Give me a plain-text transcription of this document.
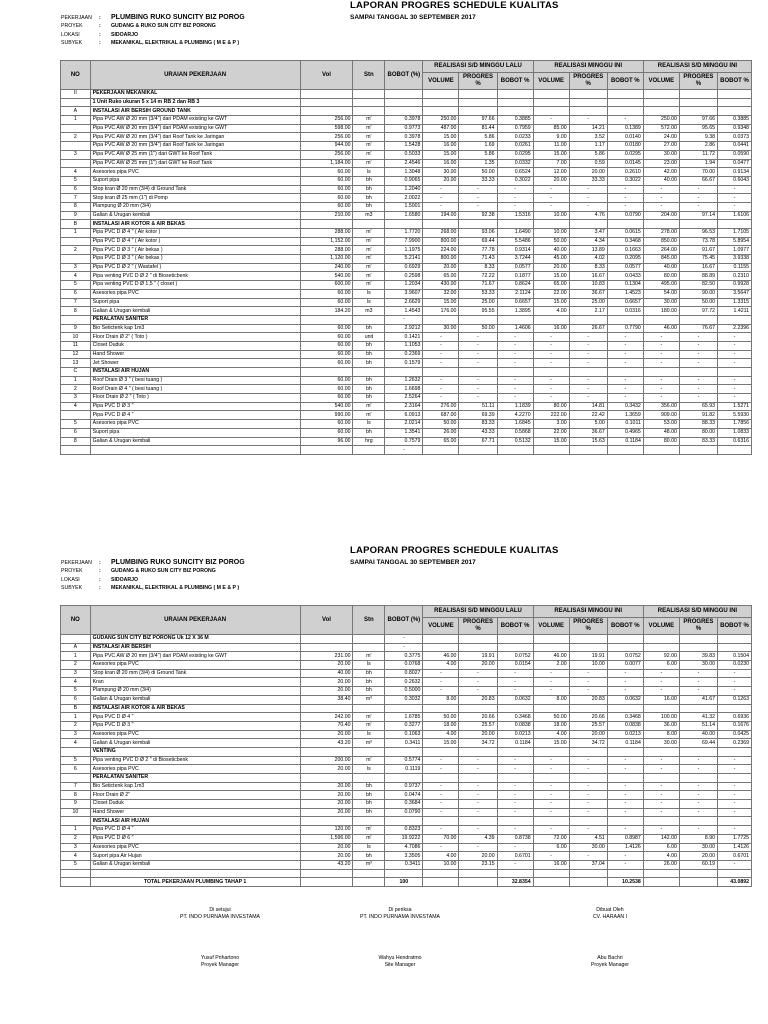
LAPORAN PROGRES SCHEDULE KUALITAS
SAMPAI TANGGAL 30 SEPTEMBER 2017
PEKERJAAN	:	PLUMBING RUKO SUNCITY BIZ POROG
PROYEK	:	GUDANG & RUKO SUN CITY BIZ PORONG
LOKASI	:	SIDOARJO
SUBYEK	:	MEKANIKAL, ELEKTRIKAL & PLUMBING ( M E & P )
NO	URAIAN PEKERJAAN	Vol	Stn	BOBOT (%)	REALISASI S/D MINGGU LALU			REALISASI MINGGU INI			REALISASI S/D MINGGU INI		
					VOLUME	PROGRES %	BOBOT %	VOLUME	PROGRES %	BOBOT %	VOLUME	PROGRES %	BOBOT %
II	PEKERJAAN MEKANIKAL												
	1 Unit Ruko ukuran 5 x 14 m RB 2 dan RB 3												
A	INSTALASI AIR BERSIH GROUND TANK												
1	Pipa PVC AW Ø 20 mm (3/4") dari PDAM existing ke GWT	256.00	m'	0.3978	250.00	97.66	0.3885	-	-	-	250.00	97.66	0.3885
	Pipa PVC AW Ø 20 mm (3/4") dari PDAM existing ke GWT	598.00	m'	0.9773	487.00	81.44	0.7959	85.00	14.21	0.1389	572.00	95.65	0.9348
2	Pipa PVC AW Ø 20 mm (3/4") dari Roof Tank ke Jaringan	256.00	m'	0.3978	15.00	5.86	0.0233	9.00	3.52	0.0140	24.00	9.38	0.0373
	Pipa PVC AW Ø 20 mm (3/4") dari Roof Tank ke Jaringan	944.00	m'	1.5428	16.00	1.69	0.0261	11.00	1.17	0.0180	27.00	2.86	0.0441
3	Pipa PVC AW Ø 25 mm (1") dari GWT ke Roof Tank	256.00	m'	0.5033	15.00	5.86	0.0295	15.00	5.86	0.0295	30.00	11.72	0.0590
	Pipa PVC AW Ø 25 mm (1") dari GWT ke Roof Tank	1,184.00	m'	2.4546	16.00	1.35	0.0332	7.00	0.59	0.0145	23.00	1.94	0.0477
4	Asesories pipa PVC	60.00	ls	1.3048	30.00	50.00	0.6524	12.00	20.00	0.2610	42.00	70.00	0.9134
5	Suport pipa	60.00	bh	0.9065	20.00	33.33	0.3022	20.00	33.33	0.3022	40.00	66.67	0.6043
6	Stop kran Ø 20 mm (3/4) di Ground Tank	60.00	bh	1.2040	-	-	-	-	-	-	-	-	-
7	Stop kran Ø 25 mm (1") di Pomp	60.00	bh	2.0022	-	-	-	-	-	-	-	-	-
8	Plampung Ø 20 mm (3/4)	60.00	bh	1.5001	-	-	-	-	-	-	-	-	-
9	Galian & Urugan kembali	210.00	m3	1.6580	194.00	92.38	1.5316	10.00	4.76	0.0790	204.00	97.14	1.6106
B	INSTALASI AIR KOTOR & AIR BEKAS												
1	Pipa PVC D Ø 4 " ( Air kotor )	288.00	m'	1.7720	268.00	93.06	1.6490	10.00	3.47	0.0615	278.00	96.53	1.7105
	Pipa PVC D Ø 4 " ( Air kotor )	1,152.00	m'	7.9900	800.00	69.44	5.5486	50.00	4.34	0.3468	850.00	73.78	5.8954
2	Pipa PVC D Ø 3 " ( Air bekas )	288.00	m'	1.1975	224.00	77.78	0.9314	40.00	13.89	0.1663	264.00	91.67	1.0977
	Pipa PVC D Ø 3 " ( Air bekas )	1,120.00	m'	5.2141	800.00	71.43	3.7244	45.00	4.02	0.2095	845.00	75.45	3.9338
3	Pipa PVC D Ø 2 " ( Wastafel )	240.00	m'	0.6929	20.00	8.33	0.0577	20.00	8.33	0.0577	40.00	16.67	0.1155
4	Pipa venting PVC D Ø 2 " di Bioseticbenk	540.00	m'	0.2598	65.00	72.22	0.1877	15.00	16.67	0.0433	80.00	88.89	0.2310
5	Pipa venting PVC D Ø 1,5 " ( closet )	600.00	m'	1.2034	430.00	71.67	0.8624	65.00	10.83	0.1304	495.00	82.50	0.9928
6	Asesories pipa PVC	60.00	ls	3.9607	32.00	53.33	2.1124	22.00	36.67	1.4523	54.00	90.00	3.5647
7	Suport pipa	60.00	ls	2.6629	15.00	25.00	0.6657	15.00	25.00	0.6657	30.00	50.00	1.3315
8	Galian & Urugan kembali	184.20	m3	1.4543	176.00	95.55	1.3895	4.00	2.17	0.0316	180.00	97.72	1.4211
	PERALATAN SANITER			-									
9	Bio Setictenk kap 1m3	60.00	bh	2.9212	30.00	50.00	1.4606	16.00	26.67	0.7790	46.00	76.67	2.2396
10	Floor Drain Ø 2" ( Toto )	60.00	unit	0.1421	-	-	-	-	-	-	-	-	-
11	Closet Duduk	60.00	bh	1.1053	-	-	-	-	-	-	-	-	-
12	Hand Shower	60.00	bh	0.2369	-	-	-	-	-	-	-	-	-
13	Jet Shower	60.00	bh	0.1579	-	-	-	-	-	-	-	-	-
C	INSTALASI AIR HUJAN												
1	Roof Drain Ø 3 " ( besi tuang )	60.00	bh	1.2632	-	-	-	-	-	-	-	-	-
2	Roof Drain Ø 4 " ( besi tuang )	60.00	bh	1.6698	-	-	-	-	-	-	-	-	-
3	Floor Drain Ø 2 " ( Toto )	60.00	bh	2.5264	-	-	-	-	-	-	-	-	-
4	Pipa PVC D Ø 3 "	540.00	m'	2.3164	276.00	51.11	1.1839	80.00	14.81	0.3432	356.00	65.93	1.5271
	Pipa PVC D Ø 4 "	990.00	m'	6.0913	687.00	69.39	4.2270	222.00	22.42	1.3659	909.00	91.82	5.5930
5	Asesories pipa PVC	60.00	ls	2.0214	50.00	83.33	1.6845	3.00	5.00	0.1011	53.00	88.33	1.7856
6	Suport pipa	60.00	bh	1.3541	26.00	43.33	0.5868	22.00	36.67	0.4965	48.00	80.00	1.0833
8	Galian & Urugan kembali	96.00	hrg	0.7579	65.00	67.71	0.5132	15.00	15.63	0.1184	80.00	83.33	0.6316
				-									
LAPORAN PROGRES SCHEDULE KUALITAS
SAMPAI TANGGAL 30 SEPTEMBER 2017
PEKERJAAN	:	PLUMBING RUKO SUNCITY BIZ POROG
PROYEK	:	GUDANG & RUKO SUN CITY BIZ PORONG
LOKASI	:	SIDOARJO
SUBYEK	:	MEKANIKAL, ELEKTRIKAL & PLUMBING ( M E & P )
NO	URAIAN PEKERJAAN	Vol	Stn	BOBOT (%)	REALISASI S/D MINGGU LALU			REALISASI MINGGU INI			REALISASI S/D MINGGU INI		
					VOLUME	PROGRES %	BOBOT %	VOLUME	PROGRES %	BOBOT %	VOLUME	PROGRES %	BOBOT %
	GUDANG SUN CITY BIZ PORONG Uk 12 X 36 M			-									
A	INSTALASI AIR BERSIH			-									
1	Pipa PVC AW Ø 20 mm (3/4") dari PDAM existing ke GWT	231.00	m'	0.3775	46.00	19.91	0.0752	46.00	19.91	0.0752	92.00	39.83	0.1504
2	Asesories pipa PVC	20.00	ls	0.0768	4.00	20.00	0.0154	2.00	10.00	0.0077	6.00	30.00	0.0230
3	Stop kran Ø 20 mm (3/4) di Ground Tank	40.00	bh	0.8027	-	-	-	-	-	-	-	-	-
4	Kran	20.00	bh	0.2632	-	-	-	-	-	-	-	-	-
5	Plampung Ø 20 mm (3/4)	20.00	bh	0.5000	-	-	-	-	-	-	-	-	-
6	Galian & Urugan kembali	38.40	m³	0.3032	8.00	20.83	0.0632	8.00	20.83	0.0632	16.00	41.67	0.1263
B	INSTALASI AIR KOTOR & AIR BEKAS												
1	Pipa PVC D Ø 4 "	242.00	m'	1.6785	50.00	20.66	0.3468	50.00	20.66	0.3468	100.00	41.32	0.6936
2	Pipa PVC D Ø 3 "	70.40	m'	0.3277	18.00	25.57	0.0838	18.00	25.57	0.0838	36.00	51.14	0.1676
3	Asesories pipa PVC	20.00	ls	0.1063	4.00	20.00	0.0213	4.00	20.00	0.0213	8.00	40.00	0.0425
4	Galian & Urugan kembali	43.20	m³	0.3411	15.00	34.72	0.1184	15.00	34.72	0.1184	30.00	69.44	0.2369
	VENTING												
5	Pipa venting PVC D Ø 2 " di Bioseticbenk	200.00	m'	0.5774	-	-	-	-	-	-	-	-	-
6	Asesories pipa PVC	20.00	ls	0.1119	-	-	-	-	-	-	-	-	-
	PERALATAN SANITER												
7	Bio Setictenk kap 1m3	20.00	bh	0.9737	-	-	-	-	-	-	-	-	-
8	Floor Drain Ø 2"	20.00	bh	0.0474	-	-	-	-	-	-	-	-	-
9	Closet Duduk	20.00	bh	0.3684	-	-	-	-	-	-	-	-	-
10	Hand Shower	20.00	bh	0.0790	-	-	-	-	-	-	-	-	-
	INSTALASI AIR HUJAN												
1	Pipa PVC D Ø 4 "	120.00	m'	0.8323	-	-	-	-	-	-	-	-	-
2	Pipa PVC D Ø 6 "	1,596.00	m'	19.9222	70.00	4.39	0.8738	72.00	4.51	0.8987	142.00	8.90	1.7725
3	Asesories pipa PVC	20.00	ls	4.7086	-	-	-	6.00	30.00	1.4126	6.00	30.00	1.4126
4	Suport pipa Air Hujan	20.00	bh	3.3505	4.00	20.00	0.6701	-	-	-	4.00	20.00	0.6701
5	Galian & Urugan kembali	43.20	m³	0.3411	10.00	23.15	-	16.00	37.04	-	26.00	60.19	-

	TOTAL PEKERJAAN PLUMBING TAHAP 1			100			32.8354			10.2538			43.0892
Di setujui
PT. INDO PURNAMA INVESTAMA
Yusuf Prihartono
Proyek Manager
Di periksa
PT. INDO PURNAMA INVESTAMA
Wahyu Hendratmo
Site Manager
Dibuat Oleh
CV. HARAAN I
Abu Bachri
Proyek Manager
